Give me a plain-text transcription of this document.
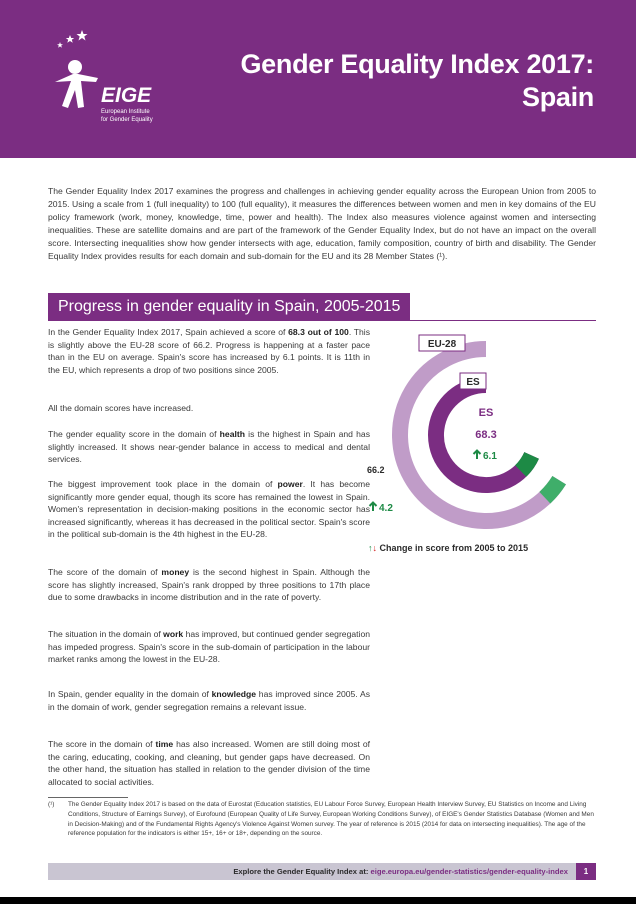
EIGE
European Institute
for Gender Equality
Gender Equality Index 2017:
Spain

The Gender Equality Index 2017 examines the progress and challenges in achieving gender equality across the European Union from 2005 to 2015. Using a scale from 1 (full inequality) to 100 (full equality), it measures the differences between women and men in key domains of the EU policy framework (work, money, knowledge, time, power and health). The Index also measures violence against women and intersecting inequalities. These are satellite domains and are part of the framework of the Gender Equality Index, but do not have an impact on the overall score. Intersecting inequalities show how gender intersects with age, education, family composition, country of birth and disability. The Gender Equality Index provides results for each domain and sub-domain for the EU and its 28 Member States (¹).

Progress in gender equality in Spain, 2005-2015

In the Gender Equality Index 2017, Spain achieved a score of 68.3 out of 100. This is slightly above the EU-28 score of 66.2. Progress is happening at a faster pace than in the EU on average. Spain's score has increased by 6.1 points. It is 11th in the EU, which represents a drop of two positions since 2005.

All the domain scores have increased.

The gender equality score in the domain of health is the highest in Spain and has slightly increased. It shows near-gender balance in access to medical and dental services.

The biggest improvement took place in the domain of power. It has become significantly more gender equal, though its score has remained the lowest in Spain. Women's representation in decision-making positions in the economic sector has increased significantly, whereas it has decreased in the political sector. Spain's score in the political sub-domain is the 4th highest in the EU-28.

The score of the domain of money is the second highest in Spain. Although the score has slightly increased, Spain's rank dropped by three positions to 17th place due to some drawbacks in income distribution and in the rate of poverty.

The situation in the domain of work has improved, but continued gender segregation has impeded progress. Spain's score in the sub-domain of participation in the labour market ranks among the lowest in the EU-28.

In Spain, gender equality in the domain of knowledge has improved since 2005. As in the domain of work, gender segregation remains a relevant issue.

The score in the domain of time has also increased. Women are still doing most of the caring, educating, cooking, and cleaning, but gender gaps have decreased. On the other hand, the situation has stalled in relation to the gender division of the time allocated to social activities.

EU-28
ES
ES
68.3
6.1
66.2
4.2
↑↓ Change in score from 2005 to 2015

(¹)	The Gender Equality Index 2017 is based on the data of Eurostat (Education statistics, EU Labour Force Survey, European Health Interview Survey, EU Statistics on Income and Living Conditions, Structure of Earnings Survey), of Eurofound (European Quality of Life Survey, European Working Conditions Survey), of EIGE's Gender Statistics Database (Women and Men in Decision-Making) and of the Fundamental Rights Agency's Violence Against Women survey. The year of reference is 2015 (2014 for data on intersecting inequalities). The age of the reference population for the indicators is either 15+, 16+ or 18+, depending on the source.

Explore the Gender Equality Index at: eige.europa.eu/gender-statistics/gender-equality-index	1
